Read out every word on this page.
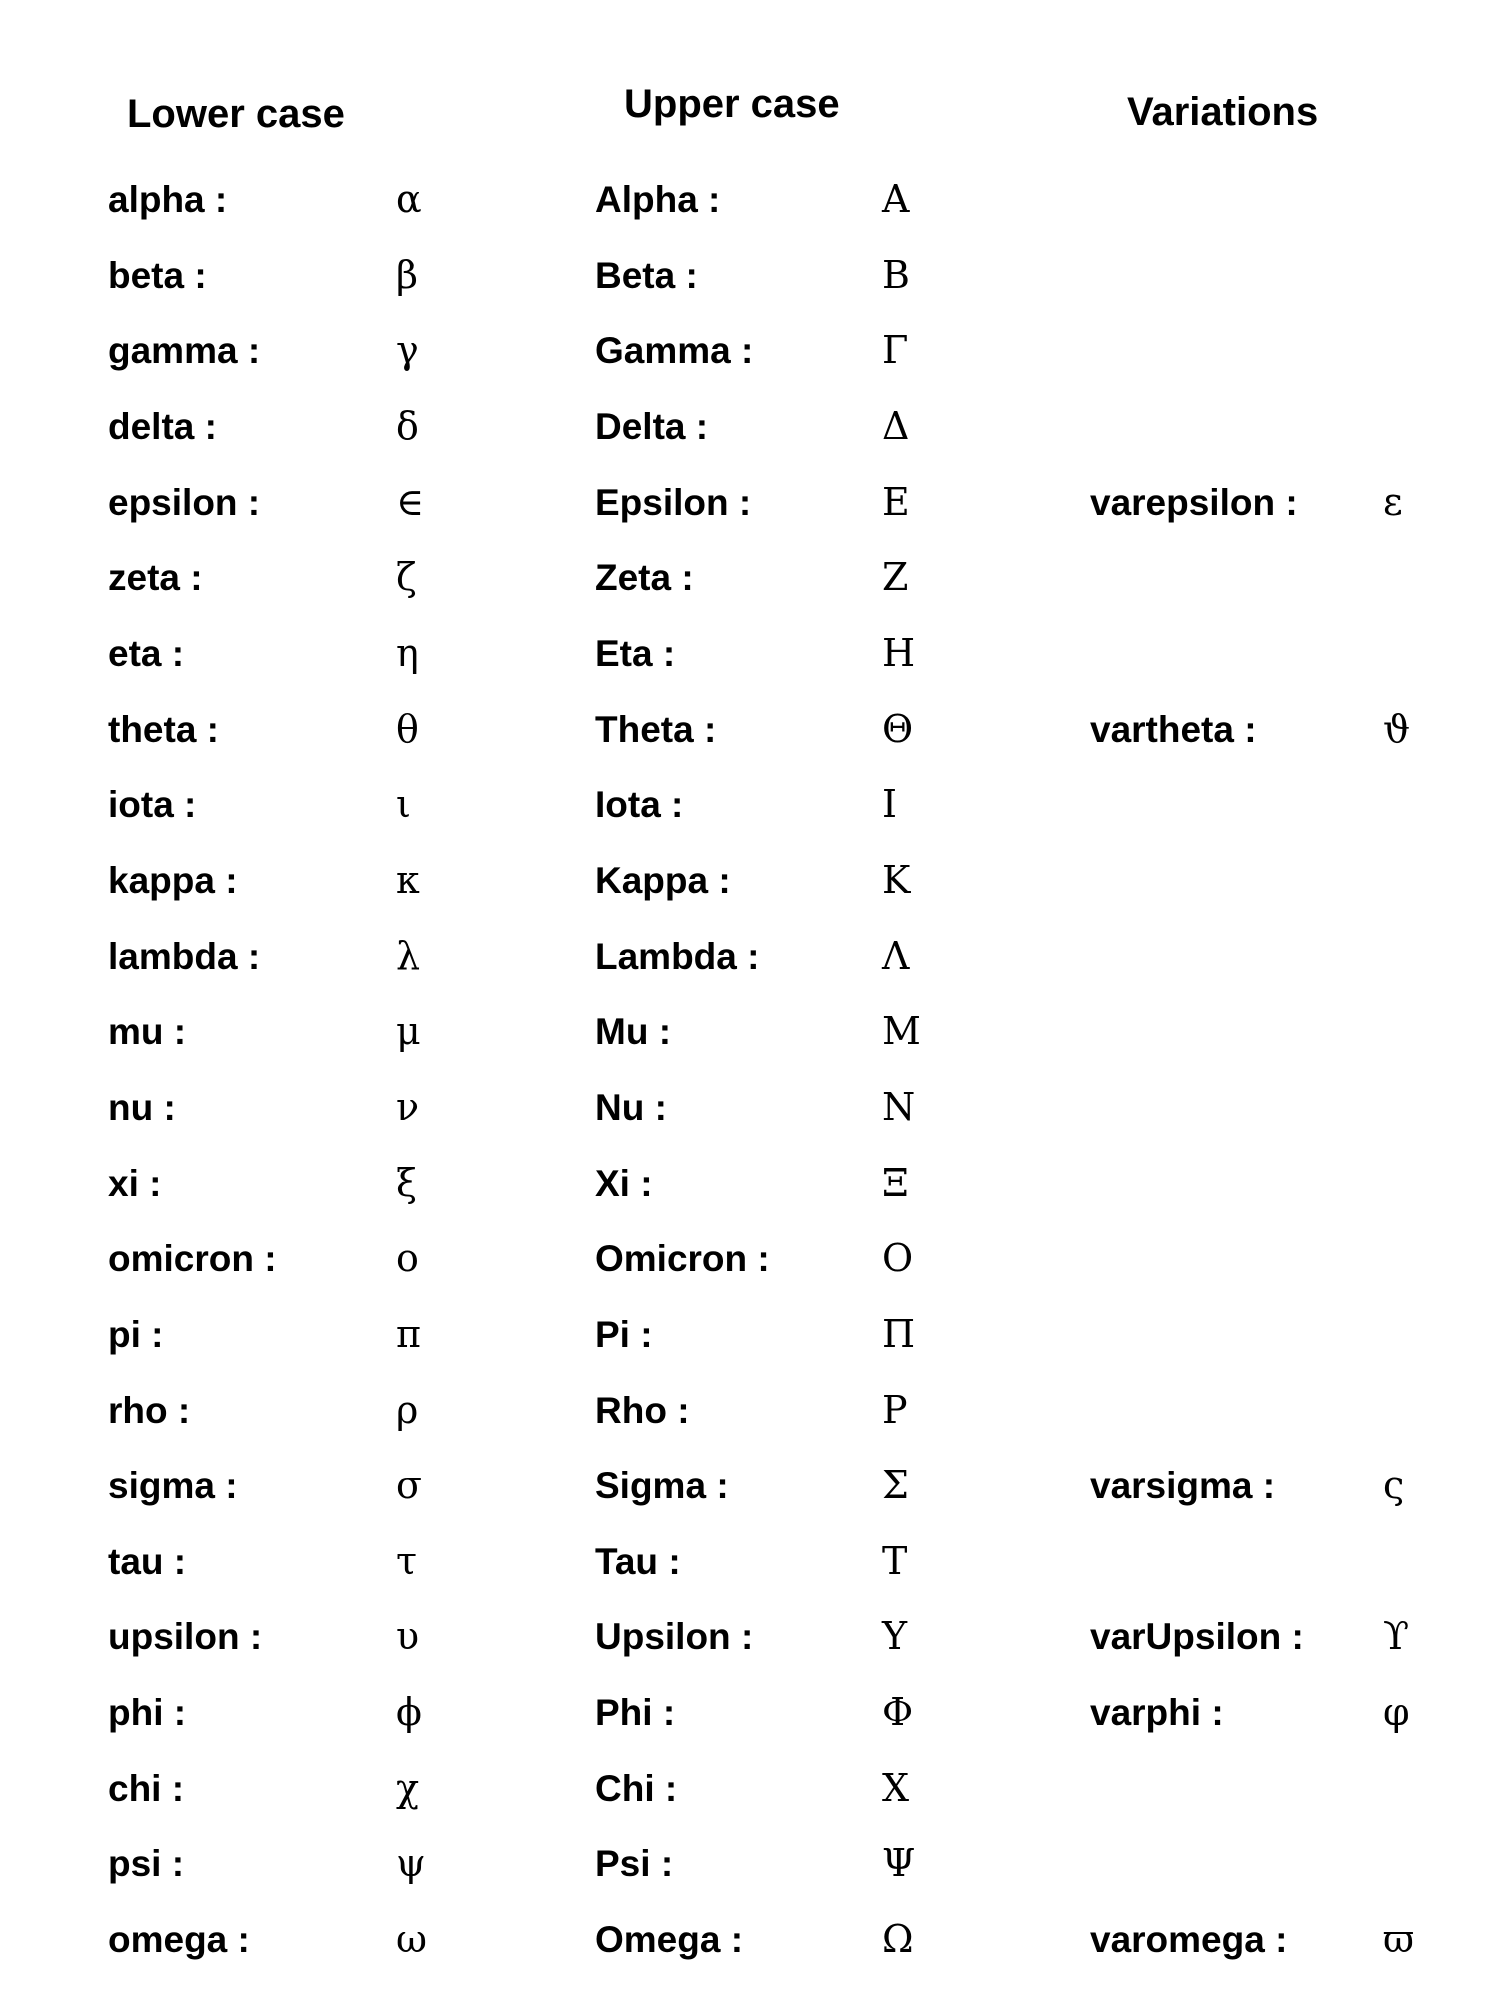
Lower case	Upper case	Variations
alpha :	α	Alpha :	Α
beta :	β	Beta :	Β
gamma :	γ	Gamma :	Γ
delta :	δ	Delta :	Δ
epsilon :	∈	Epsilon :	Ε	varepsilon : ε
zeta :	ζ	Zeta :	Ζ
eta :	η	Eta :	Η
theta :	θ	Theta :	Θ	vartheta :	ϑ
iota :	ι	Iota :	Ι
kappa :	κ	Kappa :	Κ
lambda :	λ	Lambda :	Λ
mu :	μ	Mu :	Μ
nu :	ν	Nu :	Ν
xi :	ξ	Xi :	Ξ
omicron :	ο	Omicron :	Ο
pi :	π	Pi :	Π
rho :	ρ	Rho :	Ρ
sigma :	σ	Sigma :	Σ	varsigma :	ς
tau :	τ	Tau :	Τ
upsilon :	υ	Upsilon :	Υ	varUpsilon : ϒ
phi :	ϕ	Phi :	Φ	varphi :	φ
chi :	χ	Chi :	Χ
psi :	ψ	Psi :	Ψ
omega :	ω	Omega :	Ω	varomega :	ϖ
